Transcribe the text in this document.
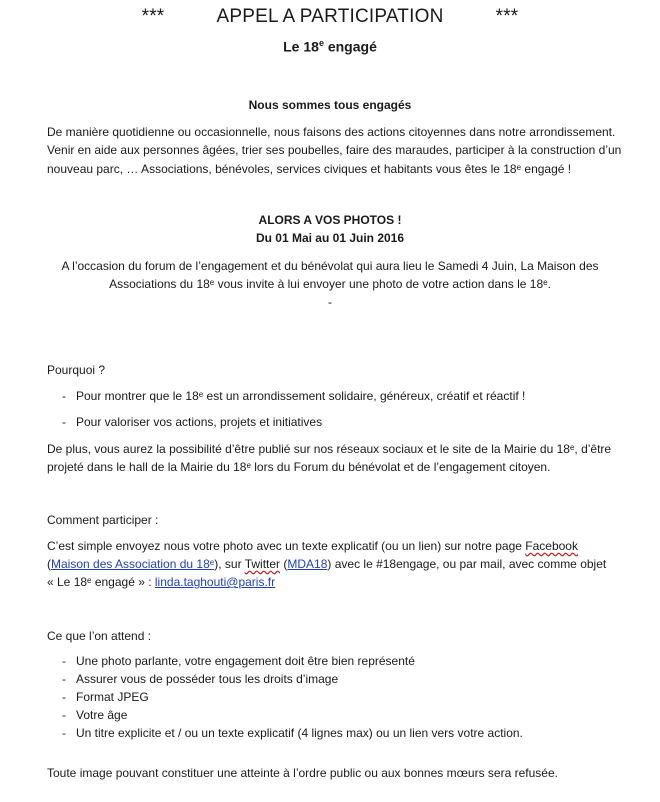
***	APPEL A PARTICIPATION	***
Le 18e engagé
Nous sommes tous engagés
De manière quotidienne ou occasionnelle, nous faisons des actions citoyennes dans notre arrondissement.
Venir en aide aux personnes âgées, trier ses poubelles, faire des maraudes, participer à la construction d’un
nouveau parc, … Associations, bénévoles, services civiques et habitants vous êtes le 18ᵉ engagé !
ALORS A VOS PHOTOS !
Du 01 Mai au 01 Juin 2016
A l’occasion du forum de l’engagement et du bénévolat qui aura lieu le Samedi 4 Juin, La Maison des
Associations du 18ᵉ vous invite à lui envoyer une photo de votre action dans le 18ᵉ.
-
Pourquoi ?
- Pour montrer que le 18ᵉ est un arrondissement solidaire, généreux, créatif et réactif !
- Pour valoriser vos actions, projets et initiatives
De plus, vous aurez la possibilité d’être publié sur nos réseaux sociaux et le site de la Mairie du 18ᵉ, d’être
projeté dans le hall de la Mairie du 18ᵉ lors du Forum du bénévolat et de l’engagement citoyen.
Comment participer :
C’est simple envoyez nous votre photo avec un texte explicatif (ou un lien) sur notre page Facebook
(Maison des Association du 18ᵉ), sur Twitter (MDA18) avec le #18engage, ou par mail, avec comme objet
« Le 18ᵉ engagé » : linda.taghouti@paris.fr
Ce que l’on attend :
- Une photo parlante, votre engagement doit être bien représenté
- Assurer vous de posséder tous les droits d’image
- Format JPEG
- Votre âge
- Un titre explicite et / ou un texte explicatif (4 lignes max) ou un lien vers votre action.
Toute image pouvant constituer une atteinte à l’ordre public ou aux bonnes mœurs sera refusée.
